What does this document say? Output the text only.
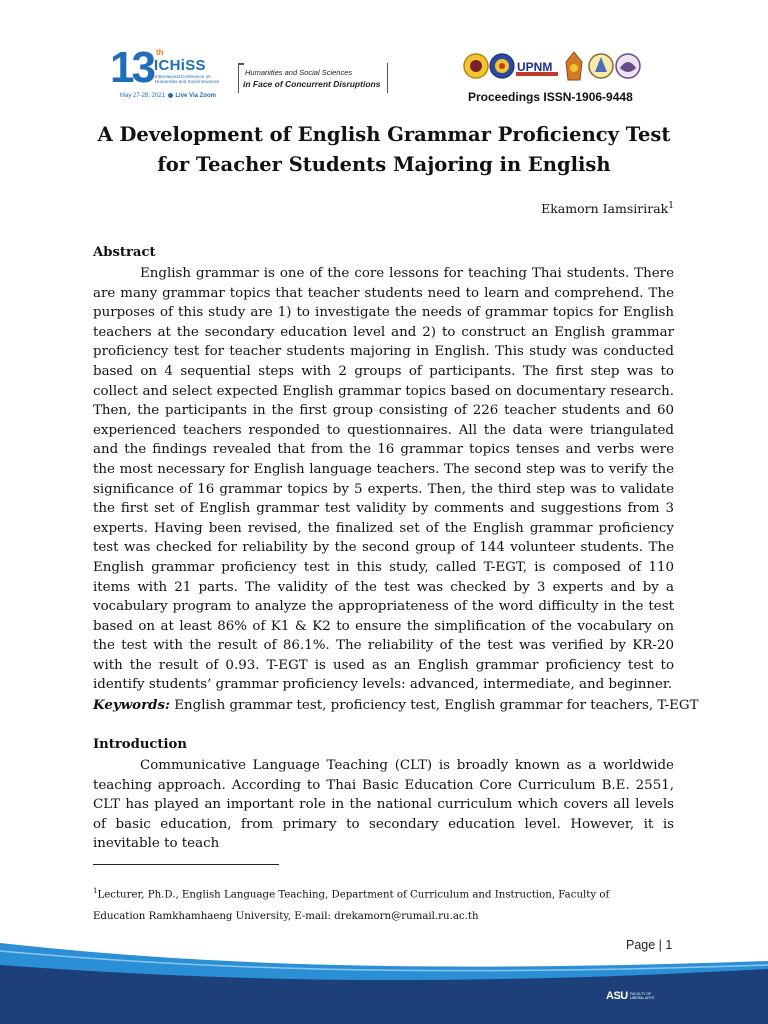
13 th
ICHiSS
International Conference on Humanities and Social Sciences
May 27-28, 2021 Live Via Zoom
Humanities and Social Sciences
in Face of Concurrent Disruptions
UPNM
Proceedings ISSN-1906-9448
A Development of English Grammar Proficiency Test
for Teacher Students Majoring in English
Ekamorn Iamsirirak$^1$
Abstract

English grammar is one of the core lessons for teaching Thai students. There are many grammar topics that teacher students need to learn and comprehend. The purposes of this study are 1) to investigate the needs of grammar topics for English teachers at the secondary education level and 2) to construct an English grammar proficiency test for teacher students majoring in English. This study was conducted based on 4 sequential steps with 2 groups of participants. The first step was to collect and select expected English grammar topics based on documentary research. Then, the participants in the first group consisting of 226 teacher students and 60 experienced teachers responded to questionnaires. All the data were triangulated and the findings revealed that from the 16 grammar topics tenses and verbs were the most necessary for English language teachers. The second step was to verify the significance of 16 grammar topics by 5 experts. Then, the third step was to validate the first set of English grammar test validity by comments and suggestions from 3 experts. Having been revised, the finalized set of the English grammar proficiency test was checked for reliability by the second group of 144 volunteer students. The English grammar proficiency test in this study, called T-EGT, is composed of 110 items with 21 parts. The validity of the test was checked by 3 experts and by a vocabulary program to analyze the appropriateness of the word difficulty in the test based on at least 86% of K1 & K2 to ensure the simplification of the vocabulary on the test with the result of 86.1%. The reliability of the test was verified by KR-20 with the result of 0.93. T-EGT is used as an English grammar proficiency test to identify students’ grammar proficiency levels: advanced, intermediate, and beginner.

Keywords: English grammar test, proficiency test, English grammar for teachers, T-EGT
Introduction

Communicative Language Teaching (CLT) is broadly known as a worldwide teaching approach. According to Thai Basic Education Core Curriculum B.E. 2551, CLT has played an important role in the national curriculum which covers all levels of basic education, from primary to secondary education level. However, it is inevitable to teach

$^1$Lecturer, Ph.D., English Language Teaching, Department of Curriculum and Instruction, Faculty of Education Ramkhamhaeng University, E-mail: drekamorn@rumail.ru.ac.th
Page | 1
ASU FACULTY OF LIBERAL ARTS
